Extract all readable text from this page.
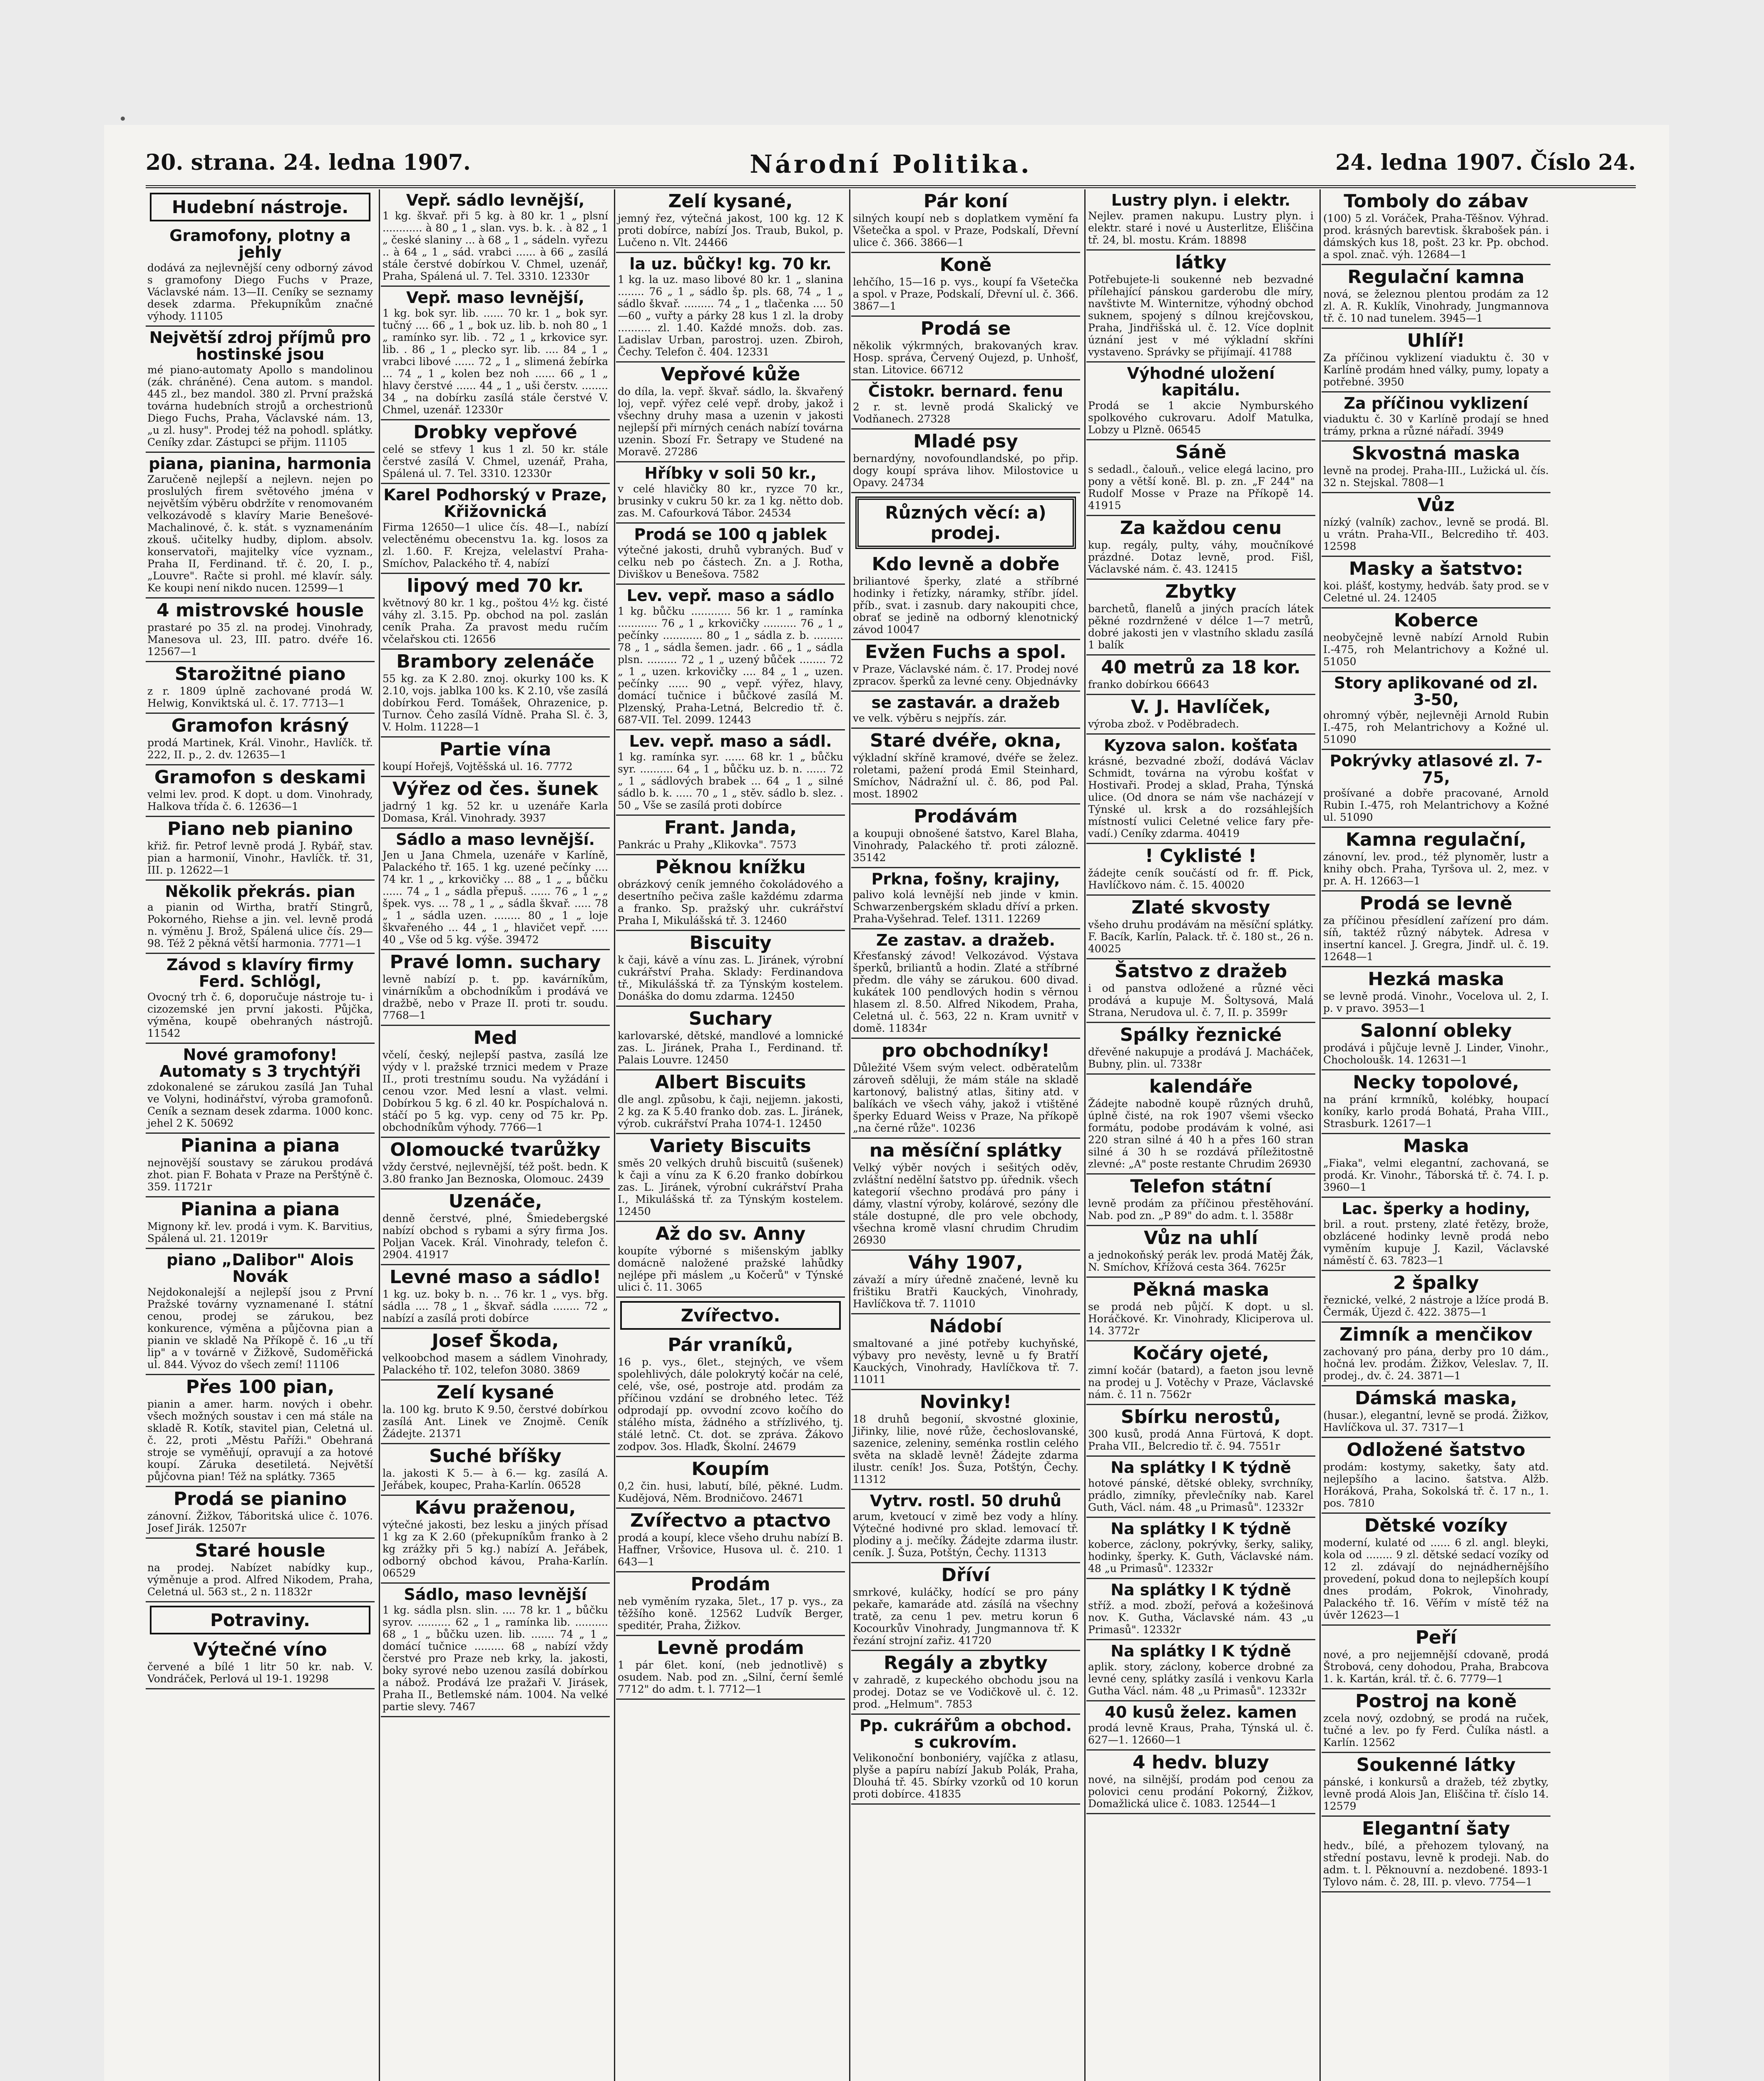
20. strana. 24. ledna 1907.	Národní Politika.	24. ledna 1907. Číslo 24.
Hudební nástroje.
Gramofony, plotny a jehly

dodává za nejlevnější ceny odborný závod s gramofony Diego Fuchs v Praze, Václavské nám. 13—II. Ceníky se seznamy desek zdarma. Překupníkům značné výhody. 11105

Největší zdroj příjmů pro hostinské jsou

mé piano-automaty Apollo s mandolinou (zák. chráněné). Cena autom. s mandol. 445 zl., bez mandol. 380 zl. První pražská továrna hudebních strojů a orchestrionů Diego Fuchs, Praha, Václavské nám. 13, „u zl. husy". Prodej též na pohodl. splátky. Ceníky zdar. Zástupci se přijm. 11105

piana, pianina, harmonia

Zaručeně nejlepší a nejlevn. nejen po proslulých firem světového jména v největším výběru obdržíte v renomovaném velkozávodě s klavíry Marie Benešové-Machalinové, č. k. stát. s vyznamenáním zkouš. učitelky hudby, diplom. absolv. konservatoři, majitelky více vyznam., Praha II, Ferdinand. tř. č. 20, I. p., „Louvre". Račte si prohl. mé klavír. sály. Ke koupi není nikdo nucen. 12599—1

4 mistrovské housle

prastaré po 35 zl. na prodej. Vinohrady, Manesova ul. 23, III. patro. dvéře 16. 12567—1

Starožitné piano

z r. 1809 úplně zachované prodá W. Helwig, Konviktská ul. č. 17. 7713—1

Gramofon krásný

prodá Martinek, Král. Vinohr., Havlíčk. tř. 222, II. p., 2. dv. 12635—1

Gramofon s deskami

velmi lev. prod. K dopt. u dom. Vinohrady, Halkova třída č. 6. 12636—1

Piano neb pianino

křiž. fir. Petrof levně prodá J. Rybář, stav. pian a harmonií, Vinohr., Havlíčk. tř. 31, III. p. 12622—1

Několik překrás. pian

a pianin od Wirtha, bratří Stingrů, Pokorného, Riehse a jin. vel. levně prodá n. výměnu J. Brož, Spálená ulice čís. 29—98. Též 2 pěkná větší harmonia. 7771—1

Závod s klavíry firmy Ferd. Schlögl,

Ovocný trh č. 6, doporučuje nástroje tu- i cizozemské jen první jakosti. Půjčka, výměna, koupě obehraných nástrojů. 11542

Nové gramofony! Automaty s 3 trychtýři

zdokonalené se zárukou zasílá Jan Tuhal ve Volyni, hodinářství, výroba gramofonů. Ceník a seznam desek zdarma. 1000 konc. jehel 2 K. 50692

Pianina a piana

nejnovější soustavy se zárukou prodává zhot. pian F. Bohata v Praze na Perštýně č. 359. 11721r

Pianina a piana

Mignony kř. lev. prodá i vym. K. Barvitius, Spálená ul. 21. 12019r

piano „Dalibor" Alois Novák

Nejdokonalejší a nejlepší jsou z První Pražské továrny vyznamenané I. státní cenou, prodej se zárukou, bez konkurence, výměna a půjčovna pian a pianin ve skladě Na Příkopě č. 16 „u tří lip" a v továrně v Žižkově, Sudoměřická ul. 844. Vývoz do všech zemí! 11106

Přes 100 pian,

pianin a amer. harm. nových i obehr. všech možných soustav i cen má stále na skladě R. Kotík, stavitel pian, Celetná ul. č. 22, proti „Městu Paříži." Obehraná stroje se vyměňují, opravují a za hotové koupí. Záruka desetiletá. Největší půjčovna pian! Též na splátky. 7365

Prodá se pianino

zánovní. Žižkov, Táboritská ulice č. 1076. Josef Jirák. 12507r

Staré housle

na prodej. Nabízet nabídky kup., výměnuje a prod. Alfred Nikodem, Praha, Celetná ul. 563 st., 2 n. 11832r

Potraviny.
Výtečné víno

červené a bílé 1 litr 50 kr. nab. V. Vondráček, Perlová ul 19-1. 19298

Vepř. sádlo levnější,

1 kg. škvař. při 5 kg. à 80 kr. 1 „ plsní ............ à 80 „ 1 „ slan. vys. b. k. . à 82 „ 1 „ české slaniny ... à 68 „ 1 „ sádeln. vyřezu .. à 64 „ 1 „ sád. vrabci ...... à 66 „ zasílá stále čerstvé dobírkou V. Chmel, uzenář, Praha, Spálená ul. 7. Tel. 3310. 12330r

Vepř. maso levnější,

1 kg. bok syr. lib. ...... 70 kr. 1 „ bok syr. tučný .... 66 „ 1 „ bok uz. lib. b. noh 80 „ 1 „ ramínko syr. lib. . 72 „ 1 „ krkovice syr. lib. . 86 „ 1 „ plecko syr. lib. .... 84 „ 1 „ vrabci libové ...... 72 „ 1 „ slimená žebírka ... 74 „ 1 „ kolen bez noh ...... 66 „ 1 „ hlavy čerstvé ...... 44 „ 1 „ uši čerstv. ........ 34 „ na dobírku zasílá stále čerstvé V. Chmel, uzenář. 12330r

Drobky vepřové

celé se stfevy 1 kus 1 zl. 50 kr. stále čerstvé zasílá V. Chmel, uzenář, Praha, Spálená ul. 7. Tel. 3310. 12330r

Karel Podhorský v Praze, Křižovnická

Firma 12650—1 ulice čís. 48—I., nabízí velectěnému obecenstvu 1a. kg. losos za zl. 1.60. F. Krejza, velelaství Praha-Smíchov, Palackého tř. 4, nabízí

lipový med 70 kr.

květnový 80 kr. 1 kg., poštou 4½ kg. čisté váhy zl. 3.15. Pp. obchod na pol. zaslán ceník Praha. Za pravost medu ručím včelařskou cti. 12656

Brambory zelenáče

55 kg. za K 2.80. znoj. okurky 100 ks. K 2.10, vojs. jablka 100 ks. K 2.10, vše zasílá dobírkou Ferd. Tomášek, Ohrazenice, p. Turnov. Čeho zasílá Vídně. Praha Sl. č. 3, V. Holm. 11228—1

Partie vína

koupí Hořejš, Vojtěšská ul. 16. 7772

Výřez od čes. šunek

jadrný 1 kg. 52 kr. u uzenáře Karla Domasa, Král. Vinohrady. 3937

Sádlo a maso levnější.

Jen u Jana Chmela, uzenáře v Karlíně, Palackého tř. 165. 1 kg. uzené pečínky .... 74 kr. 1 „ „ krkovičky ... 88 „ 1 „ „ bůčku ...... 74 „ 1 „ sádla přepuš. ...... 76 „ 1 „ „ špek. vys. ... 78 „ 1 „ „ sádla škvař. ..... 78 „ 1 „ sádla uzen. ........ 80 „ 1 „ loje škvařeného ... 44 „ 1 „ hlavičet vepř. ..... 40 „ Vše od 5 kg. výše. 39472

Pravé lomn. suchary

levně nabízí p. t. pp. kavárníkům, vinárníkům a obchodníkům i prodává ve dražbě, nebo v Praze II. proti tr. soudu. 7768—1

Med

včelí, český, nejlepší pastva, zasílá lze výdy v l. pražské trznici medem v Praze II., proti trestnímu soudu. Na vyžádání i cenou vzor. Med lesní a vlast. velmi. Dobírkou 5 kg. 6 zl. 40 kr. Pospíchalová n. stáčí po 5 kg. vyp. ceny od 75 kr. Pp. obchodníkům výhody. 7766—1

Olomoucké tvarůžky

vždy čerstvé, nejlevnější, též pošt. bedn. K 3.80 franko Jan Beznoska, Olomouc. 2439

Uzenáče,

denně čerstvé, plné, Šmiedebergské nabízí obchod s rybami a sýry firma Jos. Poljan Vacek. Král. Vinohrady, telefon č. 2904. 41917

Levné maso a sádlo!

1 kg. uz. boky b. n. .. 76 kr. 1 „ vys. břg. sádla .... 78 „ 1 „ škvař. sádla ........ 72 „ nabízí a zasílá proti dobírce

Josef Škoda,

velkoobchod masem a sádlem Vinohrady, Palackého tř. 102, telefon 3080. 3869

Zelí kysané

la. 100 kg. bruto K 9.50, čerstvé dobírkou zasílá Ant. Linek ve Znojmě. Ceník Žádejte. 21371

Suché bříšky

la. jakosti K 5.— à 6.— kg. zasílá A. Jeřábek, koupec, Praha-Karlín. 06528

Kávu praženou,

výtečné jakosti, bez lesku a jiných přísad 1 kg za K 2.60 (překupníkům franko à 2 kg zrážky při 5 kg.) nabízí A. Jeřábek, odborný obchod kávou, Praha-Karlín. 06529

Sádlo, maso levnější

1 kg. sádla plsn. slin. .... 78 kr. 1 „ bůčku syrov. .......... 62 „ 1 „ ramínka lib. .......... 68 „ 1 „ bůčku uzen. lib. ....... 74 „ 1 „ domácí tučnice ......... 68 „ nabízí vždy čerstvé pro Praze neb krky, la. jakosti, boky syrové nebo uzenou zasílá dobírkou a nábož. Prodává lze pražaři V. Jirásek, Praha II., Betlemské nám. 1004. Na velké partie slevy. 7467

Zelí kysané,

jemný řez, výtečná jakost, 100 kg. 12 K proti dobírce, nabízí Jos. Traub, Bukol, p. Lučeno n. Vlt. 24466

la uz. bůčky! kg. 70 kr.

1 kg. la uz. maso libové 80 kr. 1 „ slanina ........ 76 „ 1 „ sádlo šp. pls. 68, 74 „ 1 „ sádlo škvař. ......... 74 „ 1 „ tlačenka .... 50—60 „ vuřty a párky 28 kus 1 zl. la droby .......... zl. 1.40. Každé množs. dob. zas. Ladislav Urban, parostroj. uzen. Zbiroh, Čechy. Telefon č. 404. 12331

Vepřové kůže

do díla, la. vepř. škvař. sádlo, la. škvařený loj, vepř. výřez celé vepř. droby, jakož i všechny druhy masa a uzenin v jakosti nejlepší při mírných cenách nabízí továrna uzenin. Sbozí Fr. Šetrapy ve Studené na Moravě. 27286

Hříbky v soli 50 kr.,

v celé hlavičky 80 kr., ryzce 70 kr., brusinky v cukru 50 kr. za 1 kg. nětto dob. zas. M. Cafourková Tábor. 24534

Prodá se 100 q jablek

výtečné jakosti, druhů vybraných. Buď v celku neb po částech. Zn. a J. Rotha, Diviškov u Benešova. 7582

Lev. vepř. maso a sádlo

1 kg. bůčku ............ 56 kr. 1 „ ramínka ............ 76 „ 1 „ krkovičky .......... 76 „ 1 „ pečínky ............ 80 „ 1 „ sádla z. b. ......... 78 „ 1 „ sádla šemen. jadr. . 66 „ 1 „ sádla plsn. ......... 72 „ 1 „ uzený bůček ........ 72 „ 1 „ uzen. krkovičky .... 84 „ 1 „ uzen. pečínky ...... 90 „ vepř. výřez, hlavy, domácí tučnice i bůčkové zasílá M. Plzenský, Praha-Letná, Belcredio tř. č. 687-VII. Tel. 2099. 12443

Lev. vepř. maso a sádl.

1 kg. ramínka syr. ...... 68 kr. 1 „ bůčku syr. .......... 64 „ 1 „ bůčku uz. b. n. ...... 72 „ 1 „ sádlových brabek ... 64 „ 1 „ silné sádlo b. k. ..... 70 „ 1 „ stěv. sádlo b. slez. . 50 „ Vše se zasílá proti dobírce

Frant. Janda,

Pankrác u Prahy „Klikovka". 7573

Pěknou knížku

obrázkový ceník jemného čokoládového a desertního pečiva zašle každému zdarma a franko. Sp. pražský uhr. cukrářství Praha I, Mikulášská tř. 3. 12460

Biscuity

k čaji, kávě a vínu zas. L. Jiránek, výrobní cukrářství Praha. Sklady: Ferdinandova tř., Mikulášská tř. za Týnským kostelem. Donáška do domu zdarma. 12450

Suchary

karlovarské, dětské, mandlové a lomnické zas. L. Jiránek, Praha I., Ferdinand. tř. Palais Louvre. 12450

Albert Biscuits

dle angl. způsobu, k čaji, nejjemn. jakosti, 2 kg. za K 5.40 franko dob. zas. L. Jiránek, výrob. cukrářství Praha 1074-1. 12450

Variety Biscuits

směs 20 velkých druhů biscuitů (sušenek) k čaji a vínu za K 6.20 franko dobírkou zas. L. Jiránek, výrobní cukrářství Praha I., Mikulášská tř. za Týnským kostelem. 12450

Až do sv. Anny

koupíte výborné s mišenským jablky domácně naložené pražské lahůdky nejlépe při máslem „u Kočerů" v Týnské ulici č. 11. 3065

Zvířectvo.
Pár vraníků,

16 p. vys., 6let., stejných, ve všem spolehlivých, dále polokrytý kočár na celé, celé, vše, osé, postroje atd. prodám za příčinou vzdání se drobného letec. Též odprodají pp. ovvodní zcovo kočího do stálého místa, žádného a střízlivého, tj. stálé letnč. Ct. dot. se zpráva. Žákovo zodpov. 3os. Hlaďk, Školní. 24679

Koupím

0,2 čin. husi, labutí, bílé, pěkné. Ludm. Kudějová, Něm. Brodničovo. 24671

Zvířectvo a ptactvo

prodá a koupí, klece všeho druhu nabízí B. Haffner, Vršovice, Husova ul. č. 210. 1 643—1

Prodám

neb vyměním ryzaka, 5let., 17 p. vys., za těžšího koně. 12562 Ludvík Berger, speditér, Praha, Žižkov.

Levně prodám

1 pár 6let. koní, (neb jednotlivě) s osudem. Nab. pod zn. „Silní, černí šemlé 7712" do adm. t. l. 7712—1

Pár koní

silných koupí neb s doplatkem vymění fa Všetečka a spol. v Praze, Podskalí, Dřevní ulice č. 366. 3866—1

Koně

lehčího, 15—16 p. vys., koupí fa Všetečka a spol. v Praze, Podskalí, Dřevní ul. č. 366. 3867—1

Prodá se

několik výkrmných, brakovaných krav. Hosp. správa, Červený Oujezd, p. Unhošť, stan. Litovice. 66712

Čistokr. bernard. fenu

2 r. st. levně prodá Skalický ve Vodňanech. 27328

Mladé psy

bernardýny, novofoundlandské, po přip. dogy koupí správa lihov. Milostovice u Opavy. 24734

Různých věcí: a) prodej.
Kdo levně a dobře

briliantové šperky, zlaté a stříbrné hodinky i řetízky, náramky, stříbr. jídel. příb., svat. i zasnub. dary nakoupiti chce, obrať se jedině na odborný klenotnický závod 10047

Evžen Fuchs a spol.

v Praze, Václavské nám. č. 17. Prodej nové zpracov. šperků za levné ceny. Objednávky

se zastavár. a dražeb

ve velk. výběru s nejpřís. zár.

Staré dvéře, okna,

výkladní skříně kramové, dvéře se želez. roletami, pažení prodá Emil Steinhard, Smíchov, Nádražní ul. č. 86, pod Pal. most. 18902

Prodávám

a koupuji obnošené šatstvo, Karel Blaha, Vinohrady, Palackého tř. proti zálozně. 35142

Prkna, fošny, krajiny,

palivo kolá levnější neb jinde v kmin. Schwarzenbergském skladu dříví a prken. Praha-Vyšehrad. Telef. 1311. 12269

Ze zastav. a dražeb.

Křesťanský závod! Velkozávod. Výstava šperků, briliantů a hodin. Zlaté a stříbrné předm. dle váhy se zárukou. 600 divad. kukátek 100 pendlových hodin s věrnou hlasem zl. 8.50. Alfred Nikodem, Praha, Celetná ul. č. 563, 22 n. Kram uvnitř v domě. 11834r

pro obchodníky!

Důležité Všem svým velect. odběratelům zároveň sděluji, že mám stále na skladě kartonový, balistný atlas, šitiny atd. v balíkách ve všech váhy, jakož i vtištěné šperky Eduard Weiss v Praze, Na příkopě „na černé růže". 10236

na měsíční splátky

Velký výběr nových i sešitých oděv, zvláštní nedělní šatstvo pp. úřednik. všech kategorií všechno prodává pro pány i dámy, vlastní výroby, kolárové, sezóny dle stále dostupné, dle pro vele obchody, všechna kromě vlasní chrudim Chrudim 26930

Váhy 1907,

závaží a míry úředně značené, levně ku frištiku Bratři Kauckých, Vinohrady, Havlíčkova tř. 7. 11010

Nádobí

smaltované a jiné potřeby kuchyňské, výbavy pro nevěsty, levně u fy Bratří Kauckých, Vinohrady, Havlíčkova tř. 7. 11011

Novinky!

18 druhů begonií, skvostné gloxinie, Jiřinky, lilie, nové růže, čechoslovanské, sazenice, zeleniny, seménka rostlin celého světa na skladě levně! Žádejte zdarma ilustr. ceník! Jos. Šuza, Potštýn, Čechy. 11312

Vytrv. rostl. 50 druhů

arum, kvetoucí v zimě bez vody a hlíny. Výtečné hodivné pro sklad. lemovací tř. plodiny a j. mečíky. Žádejte zdarma ilustr. ceník. J. Šuza, Potštýn, Čechy. 11313

Dříví

smrkové, kuláčky, hodící se pro pány pekaře, kamaráde atd. zásílá na všechny tratě, za cenu 1 pev. metru korun 6 Kocourkův Vinohrady, Jungmannova tř. K řezání strojní zařiz. 41720

Regály a zbytky

v zahradě, z kupeckého obchodu jsou na prodej. Dotaz se ve Vodičkově ul. č. 12. prod. „Helmum". 7853

Pp. cukrářům a obchod. s cukrovím.

Velikonoční bonboniéry, vajíčka z atlasu, plyše a papíru nabízí Jakub Polák, Praha, Dlouhá tř. 45. Sbírky vzorků od 10 korun proti dobírce. 41835

Lustry plyn. i elektr.

Nejlev. pramen nakupu. Lustry plyn. i elektr. staré i nové u Austerlitze, Eliščina tř. 24, bl. mostu. Krám. 18898

látky

Potřebujete-li soukenné neb bezvadné přílehající pánskou garderobu dle míry, navštivte M. Winternitze, výhodný obchod suknem, spojený s dílnou krejčovskou, Praha, Jindřišská ul. č. 12. Více doplnit úznání jest v mé výkladní skříni vystaveno. Správky se přijímají. 41788

Výhodné uložení kapitálu.

Prodá se 1 akcie Nymburského spolkového cukrovaru. Adolf Matulka, Lobzy u Plzně. 06545

Sáně

s sedadl., čalouň., velice elegá lacino, pro pony a větší koně. Bl. p. zn. „F 244" na Rudolf Mosse v Praze na Příkopě 14. 41915

Za každou cenu

kup. regály, pulty, váhy, moučníkové prázdné. Dotaz levně, prod. Fišl, Václavské nám. č. 43. 12415

Zbytky

barchetů, flanelů a jiných pracích látek pěkné rozdrnžené v délce 1—7 metrů, dobré jakosti jen v vlastního skladu zasílá 1 balík

40 metrů za 18 kor.

franko dobírkou 66643

V. J. Havlíček,

výroba zbož. v Poděbradech.

Kyzova salon. košťata

krásné, bezvadné zboží, dodává Václav Schmidt, továrna na výrobu košťat v Hostivaři. Prodej a sklad, Praha, Týnská ulice. (Od dnora se nám vše nacházejí v Týnské ul. krsk a do rozsáhlejších místností vulici Celetné velice fary pře-vadí.) Ceníky zdarma. 40419

! Cyklisté !

žádejte ceník součástí od fr. ff. Pick, Havlíčkovo nám. č. 15. 40020

Zlaté skvosty

všeho druhu prodávám na měsíční splátky. F. Bacík, Karlín, Palack. tř. č. 180 st., 26 n. 40025

Šatstvo z dražeb

i od panstva odložené a různé věci prodává a kupuje M. Šoltysová, Malá Strana, Nerudova ul. č. 7, II. p. 3599r

Spálky řeznické

dřevěné nakupuje a prodává J. Macháček, Bubny, plin. ul. 7338r

kalendáře

Žádejte nabodně koupě různých druhů, úplně čisté, na rok 1907 všemi všecko formátu, podobe prodávám k volné, asi 220 stran silné á 40 h a přes 160 stran silné á 30 h se rozdává příležitostně zlevné: „A" poste restante Chrudim 26930

Telefon státní

levně prodám za příčinou přestěhování. Nab. pod zn. „P 89" do adm. t. l. 3588r

Vůz na uhlí

a jednokoňský perák lev. prodá Matěj Žák, N. Smíchov, Křížová cesta 364. 7625r

Pěkná maska

se prodá neb půjčí. K dopt. u sl. Horáčkové. Kr. Vinohrady, Kliciperova ul. 14. 3772r

Kočáry ojeté,

zimní kočár (batard), a faeton jsou levně na prodej u J. Votěchy v Praze, Václavské nám. č. 11 n. 7562r

Sbírku nerostů,

300 kusů, prodá Anna Fürtová, K dopt. Praha VII., Belcredio tř. č. 94. 7551r

Na splátky I K týdně

hotové pánské, dětské obleky, svrchníky, prádlo, zimníky, převlečníky nab. Karel Guth, Václ. nám. 48 „u Primasů". 12332r

Na splátky I K týdně

koberce, záclony, pokrývky, šerky, saliky, hodinky, šperky. K. Guth, Václavské nám. 48 „u Primasů". 12332r

Na splátky I K týdně

stříž. a mod. zboží, peřová a kožešinová nov. K. Gutha, Václavské nám. 43 „u Primasů". 12332r

Na splátky I K týdně

aplik. story, záclony, koberce drobné za levné ceny, splátky zasílá i venkovu Karla Gutha Václ. nám. 48 „u Primasů". 12332r

40 kusů želez. kamen

prodá levně Kraus, Praha, Týnská ul. č. 627—1. 12660—1

4 hedv. bluzy

nové, na silnější, prodám pod cenou za polovici cenu prodání Pokorný, Žižkov, Domažlická ulice č. 1083. 12544—1

Tomboly do zábav

(100) 5 zl. Voráček, Praha-Těšnov. Výhrad. prod. krásných barevtisk. škrabošek pán. i dámských kus 18, pošt. 23 kr. Pp. obchod. a spol. znač. výh. 12684—1

Regulační kamna

nová, se železnou plentou prodám za 12 zl. A. R. Kuklík, Vinohrady, Jungmannova tř. č. 10 nad tunelem. 3945—1

Uhlíř!

Za příčinou vyklizení viaduktu č. 30 v Karlíně prodám hned války, pumy, lopaty a potřebné. 3950

Za příčinou vyklizení

viaduktu č. 30 v Karlíně prodají se hned trámy, prkna a různé nářadí. 3949

Skvostná maska

levně na prodej. Praha-III., Lužická ul. čís. 32 n. Stejskal. 7808—1

Vůz

nízký (valník) zachov., levně se prodá. Bl. u vrátn. Praha-VII., Belcrediho tř. 403. 12598

Masky a šatstvo:

koi. plášť, kostymy, hedváb. šaty prod. se v Celetné ul. 24. 12405

Koberce

neobyčejně levně nabízí Arnold Rubin I.-475, roh Melantrichovy a Kožné ul. 51050

Story aplikované od zl. 3-50,

ohromný výběr, nejlevněji Arnold Rubin I.-475, roh Melantrichovy a Kožné ul. 51090

Pokrývky atlasové zl. 7-75,

prošívané a dobře pracované, Arnold Rubin I.-475, roh Melantrichovy a Kožné ul. 51090

Kamna regulační,

zánovní, lev. prod., též plynoměr, lustr a knihy obch. Praha, Tyršova ul. 2, mez. v pr. A. H. 12663—1

Prodá se levně

za příčinou přesídlení zařízení pro dám. síň, taktéž různý nábytek. Adresa v insertní kancel. J. Gregra, Jindř. ul. č. 19. 12648—1

Hezká maska

se levně prodá. Vinohr., Vocelova ul. 2, I. p. v pravo. 3953—1

Salonní obleky

prodává i půjčuje levně J. Linder, Vinohr., Chocholoušk. 14. 12631—1

Necky topolové,

na prání krmníků, kolébky, houpací koníky, karlo prodá Bohatá, Praha VIII., Strasburk. 12617—1

Maska

„Fiaka", velmi elegantní, zachovaná, se prodá. Kr. Vinohr., Táborská tř. č. 74. I. p. 3960—1

Lac. šperky a hodiny,

bril. a rout. prsteny, zlaté řetězy, brože, obzlácené hodinky levně prodá nebo vyměním kupuje J. Kazil, Václavské náměstí č. 63. 7823—1

2 špalky

řeznické, velké, 2 nástroje a lžíce prodá B. Čermák, Újezd č. 422. 3875—1

Zimník a menčikov

zachovaný pro pána, derby pro 10 dám., hočná lev. prodám. Žižkov, Veleslav. 7, II. prodej., dv. č. 24. 3871—1

Dámská maska,

(husar.), elegantní, levně se prodá. Žižkov, Havlíčkova ul. 37. 7317—1

Odložené šatstvo

prodám: kostymy, saketky, šaty atd. nejlepšího a lacino. šatstva. Alžb. Horáková, Praha, Sokolská tř. č. 17 n., 1. pos. 7810

Dětské vozíky

moderní, kulaté od ...... 6 zl. angl. bleyki, kola od ........ 9 zl. dětské sedací vozíky od 12 zl. zdávají do nejnádhernějšího provedení, pokud dona to nejlepších koupí dnes prodám, Pokrok, Vinohrady, Palackého tř. 16. Věřím v místě též na úvěr 12623—1

Peří

nové, a pro nejjemnější cdovaně, prodá Štrobová, ceny dohodou, Praha, Brabcova 1. k. Kartán, král. tř. č. 6. 7779—1

Postroj na koně

zcela nový, ozdobný, se prodá na ruček, tučné a lev. po fy Ferd. Čulíka nástl. a Karlín. 12562

Soukenné látky

pánské, i konkursů a dražeb, též zbytky, levně prodá Alois Jan, Eliščina tř. číslo 14. 12579

Elegantní šaty

hedv., bílé, a přehozem tylovaný, na střední postavu, levně k prodeji. Nab. do adm. t. l. Pěknouvní a. nezdobené. 1893-1 Tylovo nám. č. 28, III. p. vlevo. 7754—1
